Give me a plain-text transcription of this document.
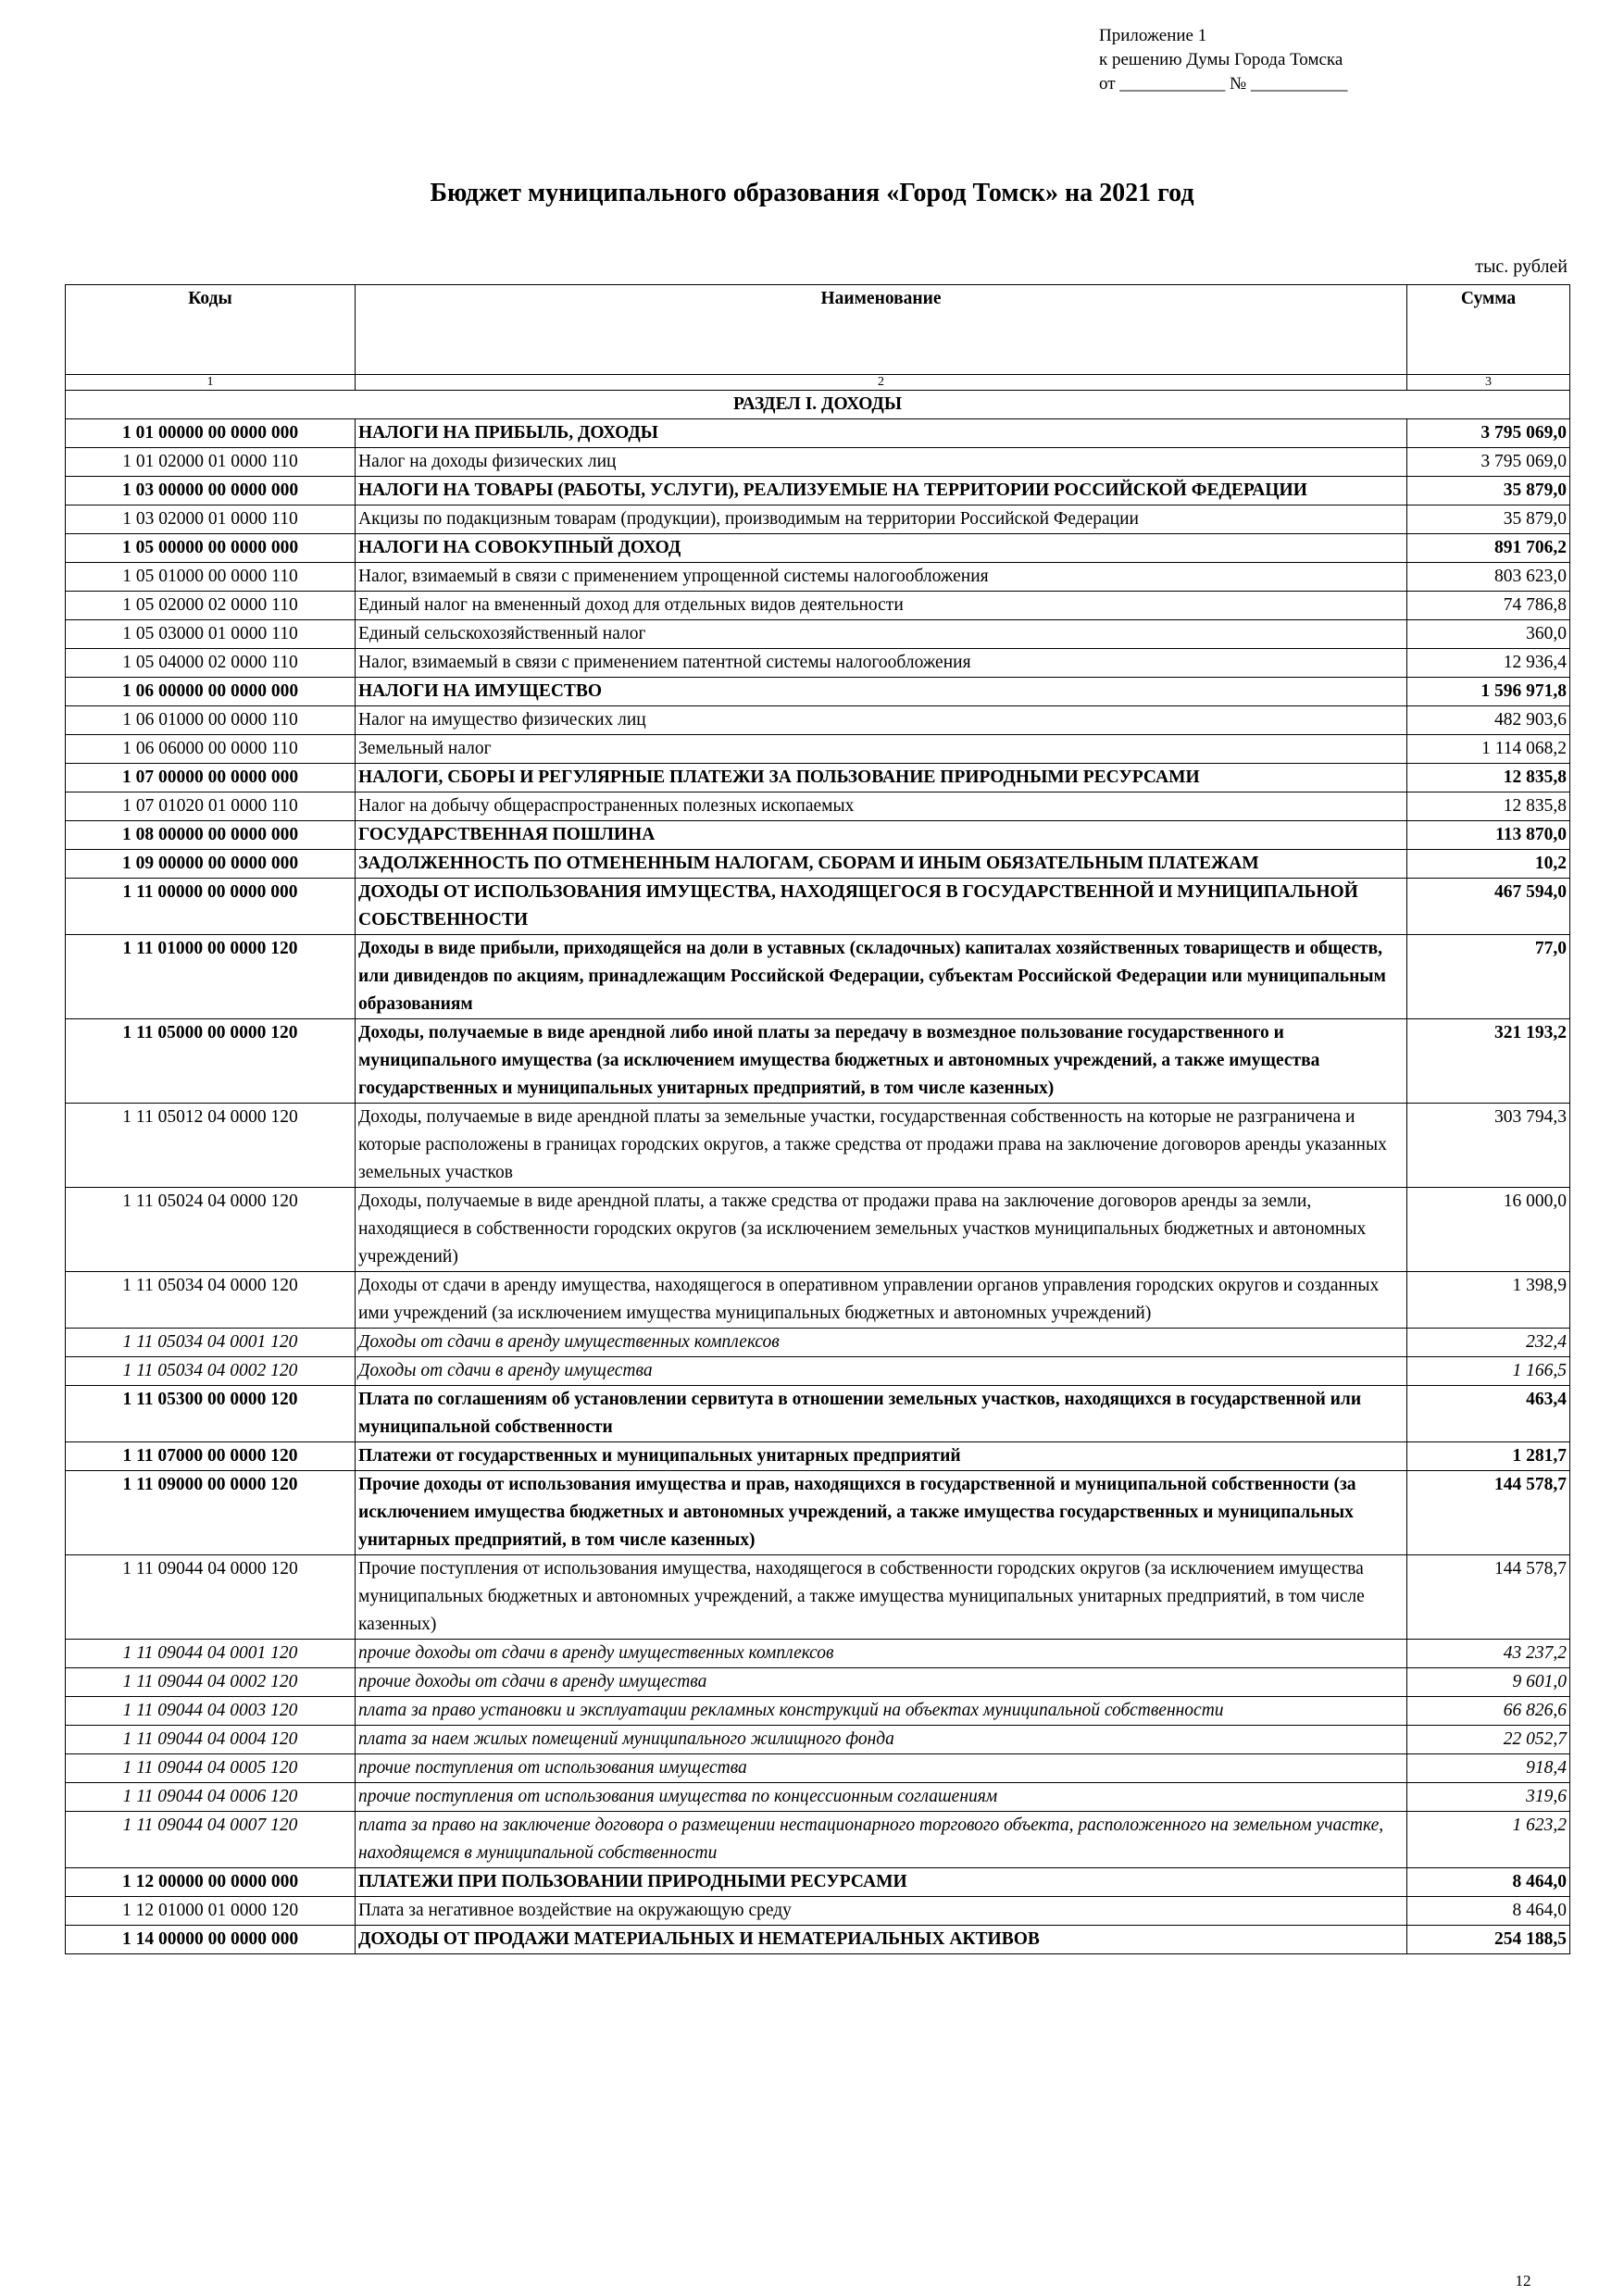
Приложение 1
к решению Думы Города Томска
от ____________ № ___________
Бюджет муниципального образования «Город Томск» на 2021 год
тыс. рублей
Коды	Наименование	Сумма
1	2	3
РАЗДЕЛ I. ДОХОДЫ		
1 01 00000 00 0000 000	НАЛОГИ НА ПРИБЫЛЬ, ДОХОДЫ	3 795 069,0
1 01 02000 01 0000 110	Налог на доходы физических лиц	3 795 069,0
1 03 00000 00 0000 000	НАЛОГИ НА ТОВАРЫ (РАБОТЫ, УСЛУГИ), РЕАЛИЗУЕМЫЕ НА ТЕРРИТОРИИ РОССИЙСКОЙ ФЕДЕРАЦИИ	35 879,0
1 03 02000 01 0000 110	Акцизы по подакцизным товарам (продукции), производимым на территории Российской Федерации	35 879,0
1 05 00000 00 0000 000	НАЛОГИ НА СОВОКУПНЫЙ ДОХОД	891 706,2
1 05 01000 00 0000 110	Налог, взимаемый в связи с применением упрощенной системы налогообложения	803 623,0
1 05 02000 02 0000 110	Единый налог на вмененный доход для отдельных видов деятельности	74 786,8
1 05 03000 01 0000 110	Единый сельскохозяйственный налог	360,0
1 05 04000 02 0000 110	Налог, взимаемый в связи с применением патентной системы налогообложения	12 936,4
1 06 00000 00 0000 000	НАЛОГИ НА ИМУЩЕСТВО	1 596 971,8
1 06 01000 00 0000 110	Налог на имущество физических лиц	482 903,6
1 06 06000 00 0000 110	Земельный налог	1 114 068,2
1 07 00000 00 0000 000	НАЛОГИ, СБОРЫ И РЕГУЛЯРНЫЕ ПЛАТЕЖИ ЗА ПОЛЬЗОВАНИЕ ПРИРОДНЫМИ РЕСУРСАМИ	12 835,8
1 07 01020 01 0000 110	Налог на добычу общераспространенных полезных ископаемых	12 835,8
1 08 00000 00 0000 000	ГОСУДАРСТВЕННАЯ ПОШЛИНА	113 870,0
1 09 00000 00 0000 000	ЗАДОЛЖЕННОСТЬ ПО ОТМЕНЕННЫМ НАЛОГАМ, СБОРАМ И ИНЫМ ОБЯЗАТЕЛЬНЫМ ПЛАТЕЖАМ	10,2
1 11 00000 00 0000 000	ДОХОДЫ ОТ ИСПОЛЬЗОВАНИЯ ИМУЩЕСТВА, НАХОДЯЩЕГОСЯ В ГОСУДАРСТВЕННОЙ И МУНИЦИПАЛЬНОЙ СОБСТВЕННОСТИ	467 594,0
1 11 01000 00 0000 120	Доходы в виде прибыли, приходящейся на доли в уставных (складочных) капиталах хозяйственных товариществ и обществ, или дивидендов по акциям, принадлежащим Российской Федерации, субъектам Российской Федерации или муниципальным образованиям	77,0
1 11 05000 00 0000 120	Доходы, получаемые в виде арендной либо иной платы за передачу в возмездное пользование государственного и муниципального имущества (за исключением имущества бюджетных и автономных учреждений, а также имущества государственных и муниципальных унитарных предприятий, в том числе казенных)	321 193,2
1 11 05012 04 0000 120	Доходы, получаемые в виде арендной платы за земельные участки, государственная собственность на которые не разграничена и которые расположены в границах городских округов, а также средства от продажи права на заключение договоров аренды указанных земельных участков	303 794,3
1 11 05024 04 0000 120	Доходы, получаемые в виде арендной платы, а также средства от продажи права на заключение договоров аренды за земли, находящиеся в собственности городских округов (за исключением земельных участков муниципальных бюджетных и автономных учреждений)	16 000,0
1 11 05034 04 0000 120	Доходы от сдачи в аренду имущества, находящегося в оперативном управлении органов управления городских округов и созданных ими учреждений (за исключением имущества муниципальных бюджетных и автономных учреждений)	1 398,9
1 11 05034 04 0001 120	Доходы от сдачи в аренду имущественных комплексов	232,4
1 11 05034 04 0002 120	Доходы от сдачи в аренду имущества	1 166,5
1 11 05300 00 0000 120	Плата по соглашениям об установлении сервитута в отношении земельных участков, находящихся в государственной или муниципальной собственности	463,4
1 11 07000 00 0000 120	Платежи от государственных и муниципальных унитарных предприятий	1 281,7
1 11 09000 00 0000 120	Прочие доходы от использования имущества и прав, находящихся в государственной и муниципальной собственности (за исключением имущества бюджетных и автономных учреждений, а также имущества государственных и муниципальных унитарных предприятий, в том числе казенных)	144 578,7
1 11 09044 04 0000 120	Прочие поступления от использования имущества, находящегося в собственности городских округов (за исключением имущества муниципальных бюджетных и автономных учреждений, а также имущества муниципальных унитарных предприятий, в том числе казенных)	144 578,7
1 11 09044 04 0001 120	прочие доходы от сдачи в аренду имущественных комплексов	43 237,2
1 11 09044 04 0002 120	прочие доходы от сдачи в аренду имущества	9 601,0
1 11 09044 04 0003 120	плата за право установки и эксплуатации рекламных конструкций на объектах муниципальной собственности	66 826,6
1 11 09044 04 0004 120	плата за наем жилых помещений муниципального жилищного фонда	22 052,7
1 11 09044 04 0005 120	прочие поступления от использования имущества	918,4
1 11 09044 04 0006 120	прочие поступления от использования имущества по концессионным соглашениям	319,6
1 11 09044 04 0007 120	плата за право на заключение договора о размещении нестационарного торгового объекта, расположенного на земельном участке, находящемся в муниципальной собственности	1 623,2
1 12 00000 00 0000 000	ПЛАТЕЖИ ПРИ ПОЛЬЗОВАНИИ ПРИРОДНЫМИ РЕСУРСАМИ	8 464,0
1 12 01000 01 0000 120	Плата за негативное воздействие на окружающую среду	8 464,0
1 14 00000 00 0000 000	ДОХОДЫ ОТ ПРОДАЖИ МАТЕРИАЛЬНЫХ И НЕМАТЕРИАЛЬНЫХ АКТИВОВ	254 188,5
12
